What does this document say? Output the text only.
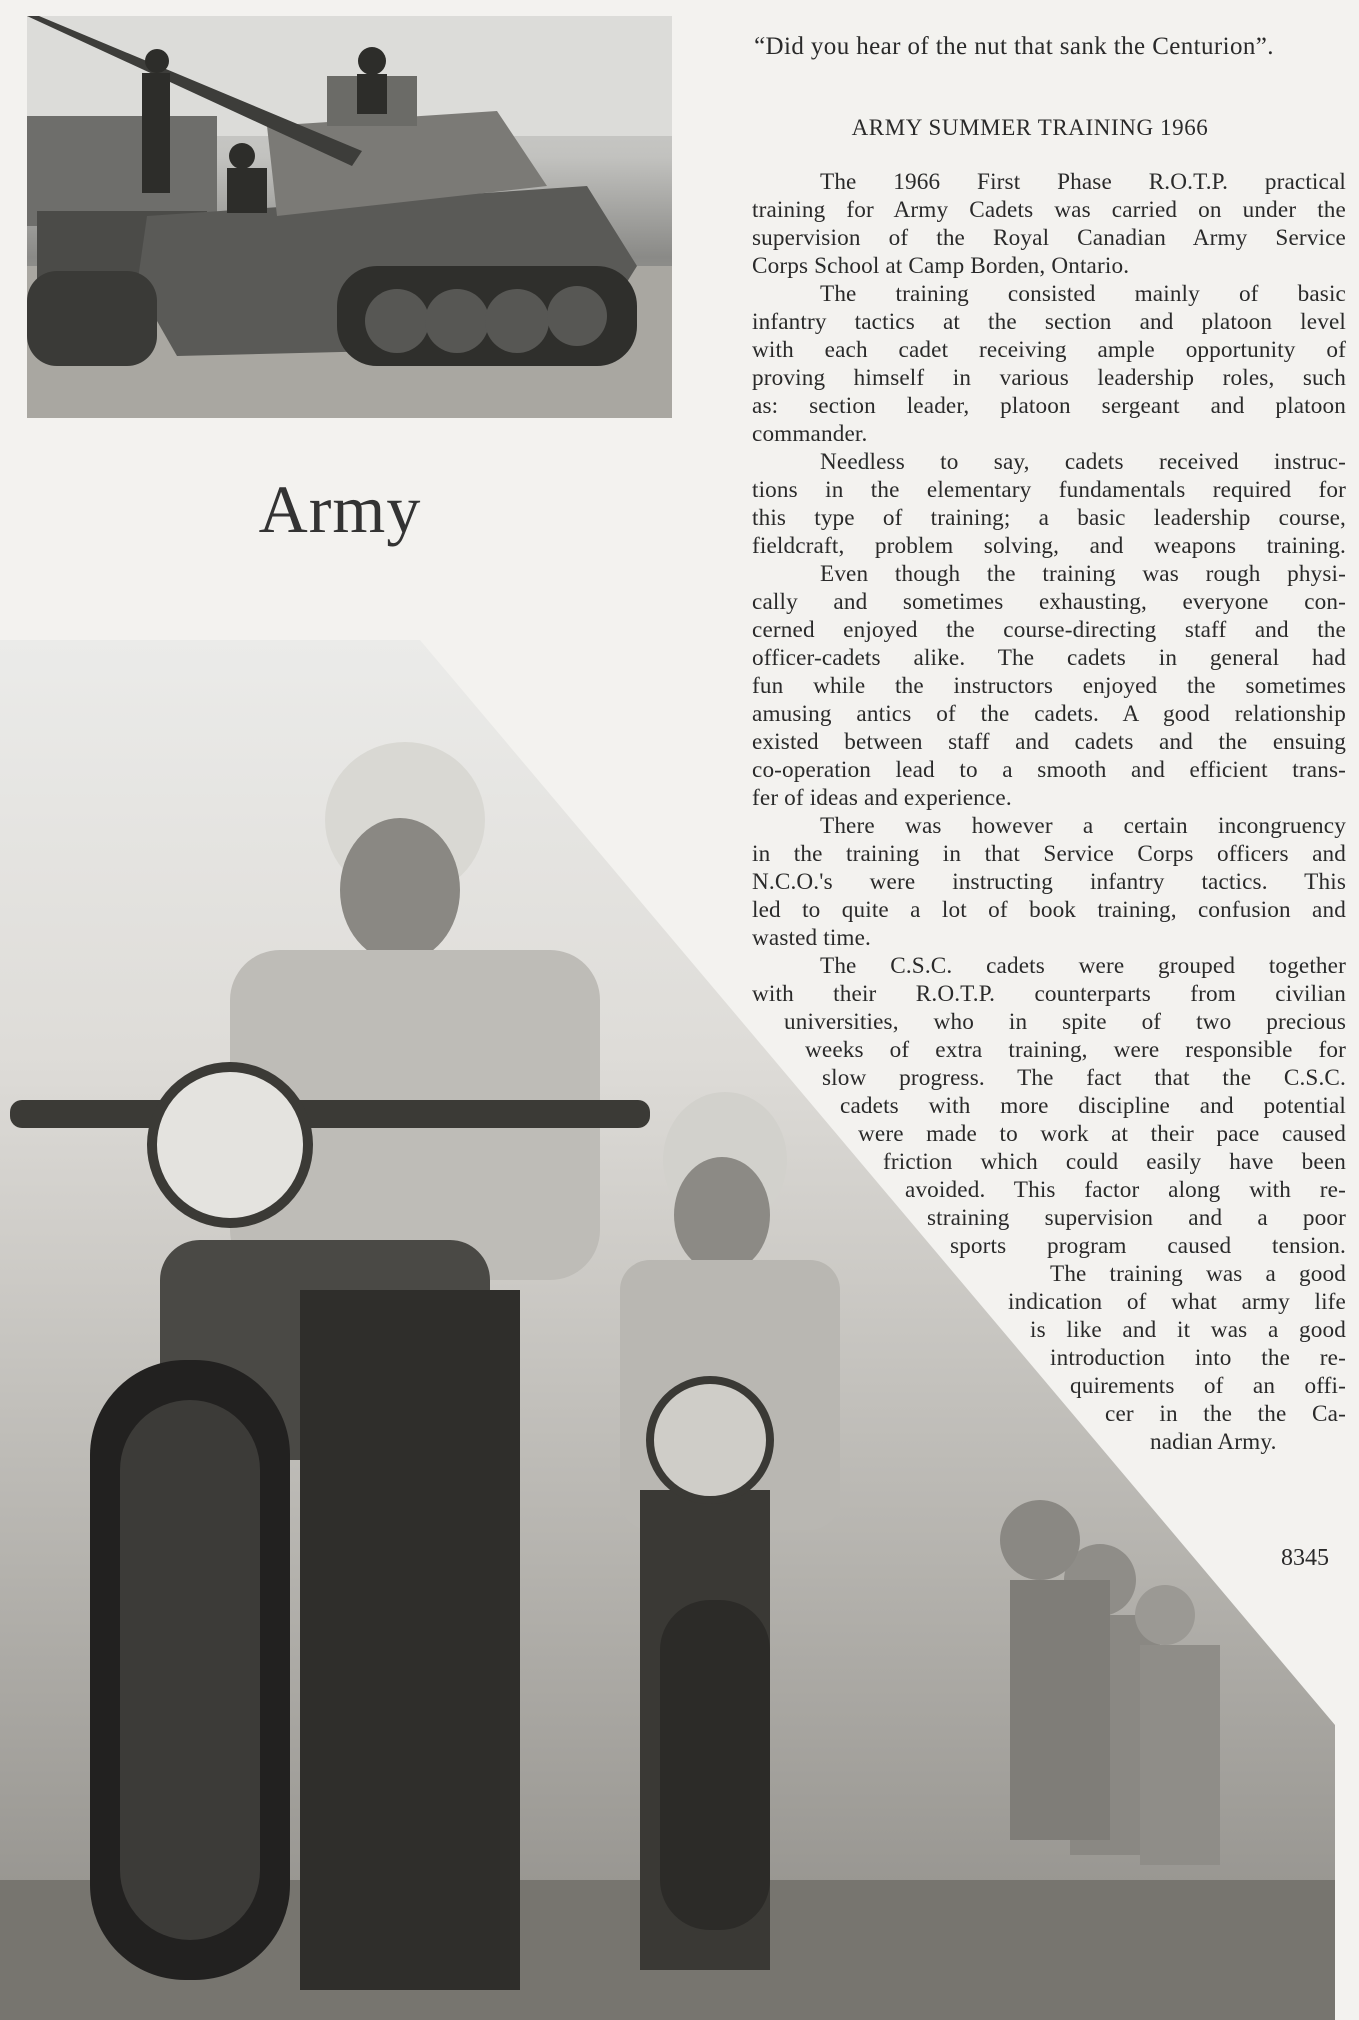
Army

“Did you hear of the nut that sank the Centurion”.

ARMY SUMMER TRAINING 1966
The 1966 First Phase R.O.T.P. practical
training for Army Cadets was carried on under the
supervision of the Royal Canadian Army Service
Corps School at Camp Borden, Ontario.
The training consisted mainly of basic
infantry tactics at the section and platoon level
with each cadet receiving ample opportunity of
proving himself in various leadership roles, such
as: section leader, platoon sergeant and platoon
commander.
Needless to say, cadets received instruc-
tions in the elementary fundamentals required for
this type of training; a basic leadership course,
fieldcraft, problem solving, and weapons training.
Even though the training was rough physi-
cally and sometimes exhausting, everyone con-
cerned enjoyed the course-directing staff and the
officer-cadets alike. The cadets in general had
fun while the instructors enjoyed the sometimes
amusing antics of the cadets. A good relationship
existed between staff and cadets and the ensuing
co-operation lead to a smooth and efficient trans-
fer of ideas and experience.
There was however a certain incongruency
in the training in that Service Corps officers and
N.C.O.'s were instructing infantry tactics. This
led to quite a lot of book training, confusion and
wasted time.
The C.S.C. cadets were grouped together
with their R.O.T.P. counterparts from civilian
universities, who in spite of two precious
weeks of extra training, were responsible for
slow progress. The fact that the C.S.C.
cadets with more discipline and potential
were made to work at their pace caused
friction which could easily have been
avoided. This factor along with re-
straining supervision and a poor
sports program caused tension.
The training was a good
indication of what army life
is like and it was a good
introduction into the re-
quirements of an offi-
cer in the the Ca-
nadian Army.

8345
